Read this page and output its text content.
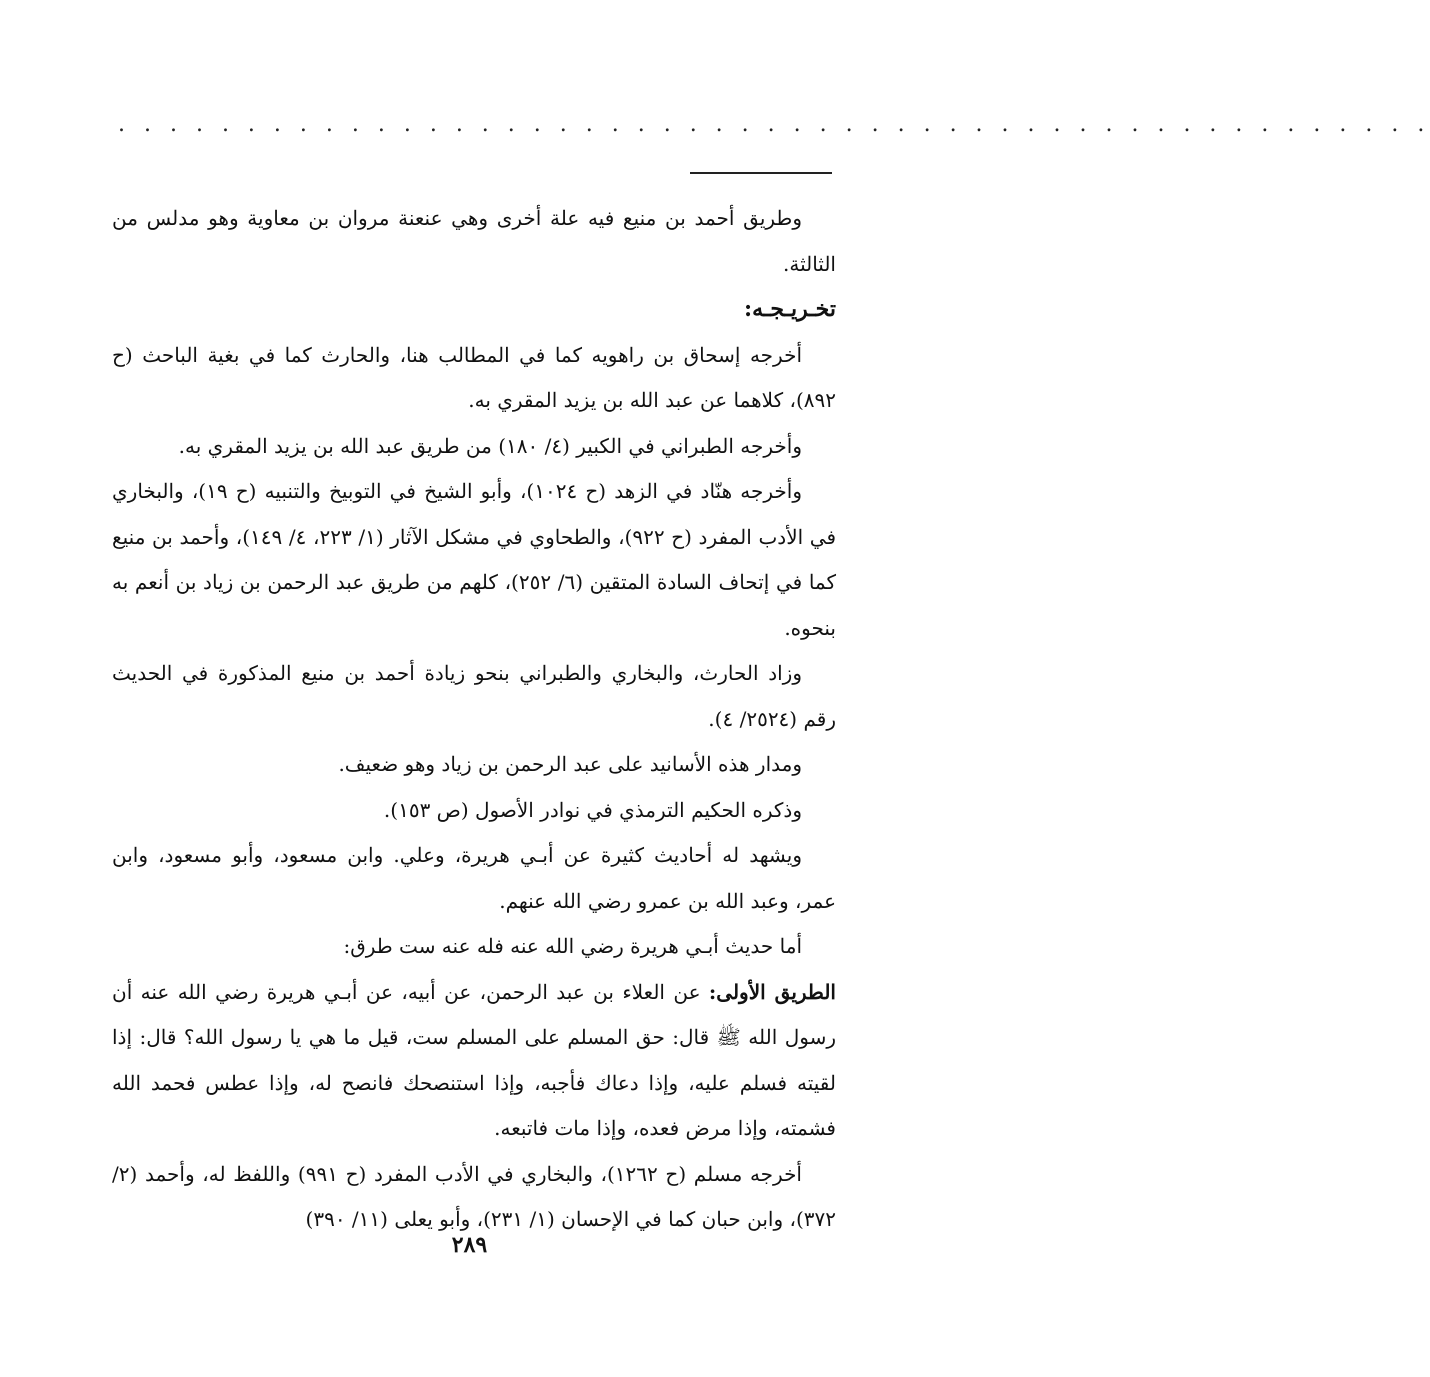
. . . . . . . . . . . . . . . . . . . . . . . . . . . . . . . . . . . . . . . . . . . . . . . . . . .

وطريق أحمد بن منيع فيه علة أخرى وهي عنعنة مروان بن معاوية وهو مدلس من الثالثة.

تخـريـجـه:

أخرجه إسحاق بن راهويه كما في المطالب هنا، والحارث كما في بغية الباحث (ح ٨٩٢)، كلاهما عن عبد الله بن يزيد المقري به.

وأخرجه الطبراني في الكبير (٤/ ١٨٠) من طريق عبد الله بن يزيد المقري به.

وأخرجه هنّاد في الزهد (ح ١٠٢٤)، وأبو الشيخ في التوبيخ والتنبيه (ح ١٩)، والبخاري في الأدب المفرد (ح ٩٢٢)، والطحاوي في مشكل الآثار (١/ ٢٢٣، ٤/ ١٤٩)، وأحمد بن منيع كما في إتحاف السادة المتقين (٦/ ٢٥٢)، كلهم من طريق عبد الرحمن بن زياد بن أنعم به بنحوه.

وزاد الحارث، والبخاري والطبراني بنحو زيادة أحمد بن منيع المذكورة في الحديث رقم (٢٥٢٤/ ٤).

ومدار هذه الأسانيد على عبد الرحمن بن زياد وهو ضعيف.

وذكره الحكيم الترمذي في نوادر الأصول (ص ١٥٣).

ويشهد له أحاديث كثيرة عن أبـي هريرة، وعلي. وابن مسعود، وأبو مسعود، وابن عمر، وعبد الله بن عمرو رضي الله عنهم.

أما حديث أبـي هريرة رضي الله عنه فله عنه ست طرق:

الطريق الأولى: عن العلاء بن عبد الرحمن، عن أبيه، عن أبـي هريرة رضي الله عنه أن رسول الله ﷺ قال: حق المسلم على المسلم ست، قيل ما هي يا رسول الله؟ قال: إذا لقيته فسلم عليه، وإذا دعاك فأجبه، وإذا استنصحك فانصح له، وإذا عطس فحمد الله فشمته، وإذا مرض فعده، وإذا مات فاتبعه.

أخرجه مسلم (ح ١٢٦٢)، والبخاري في الأدب المفرد (ح ٩٩١) واللفظ له، وأحمد (٢/ ٣٧٢)، وابن حبان كما في الإحسان (١/ ٢٣١)، وأبو يعلى (١١/ ٣٩٠)

٢٨٩
